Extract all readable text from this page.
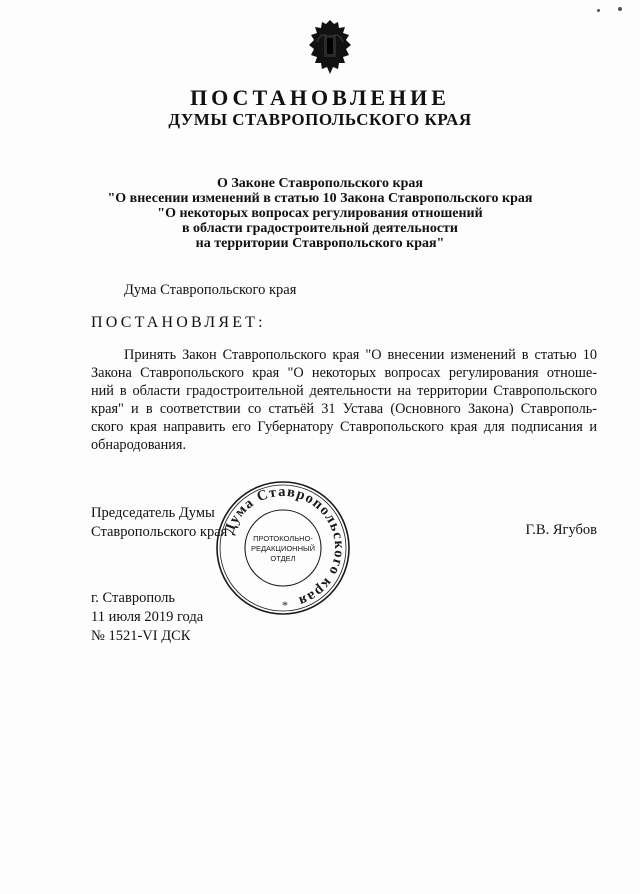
ПОСТАНОВЛЕНИЕ
ДУМЫ СТАВРОПОЛЬСКОГО КРАЯ
О Законе Ставропольского края
"О внесении изменений в статью 10 Закона Ставропольского края
"О некоторых вопросах регулирования отношений
в области градостроительной деятельности
на территории Ставропольского края"
Дума Ставропольского края
ПОСТАНОВЛЯЕТ:
Принять Закон Ставропольского края "О внесении изменений в статью 10
Закона Ставропольского края "О некоторых вопросах регулирования отноше-
ний в области градостроительной деятельности на территории Ставропольского
края" и в соответствии со статьёй 31 Устава (Основного Закона) Ставрополь-
ского края направить его Губернатору Ставропольского края для подписания и
обнародования.
Председатель Думы
Ставропольского края	Г.В. Ягубов
Дума Ставропольского края
ПРОТОКОЛЬНО-
РЕДАКЦИОННЫЙ
ОТДЕЛ
*
г. Ставрополь
11 июля 2019 года
№ 1521-VI ДСК
